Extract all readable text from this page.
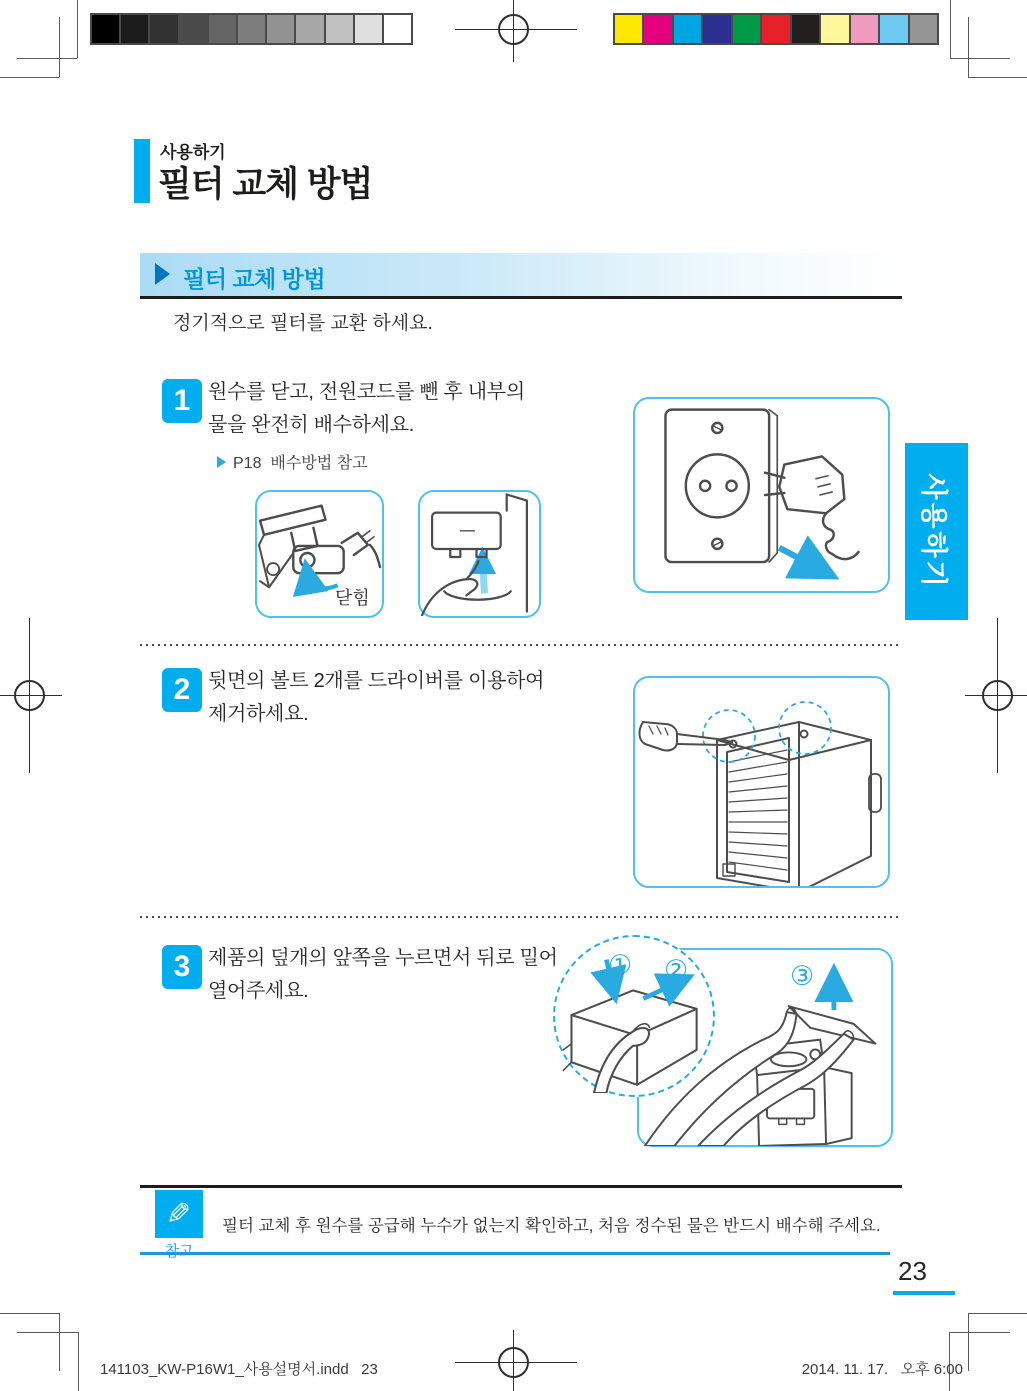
사용하기
필터 교체 방법
필터 교체 방법
정기적으로 필터를 교환 하세요.
1 원수를 닫고, 전원코드를 뺀 후 내부의
물을 완전히 배수하세요.
P18  배수방법 참고
닫힘
사용하기
2 뒷면의 볼트 2개를 드라이버를 이용하여
제거하세요.
3 제품의 덮개의 앞쪽을 누르면서 뒤로 밀어
열어주세요.
① ②	③
✎ 필터 교체 후 원수를 공급해 누수가 없는지 확인하고, 처음 정수된 물은 반드시 배수해 주세요.
23
141103_KW-P16W1_사용설명서.indd   23	2014. 11. 17.   오후 6:00
